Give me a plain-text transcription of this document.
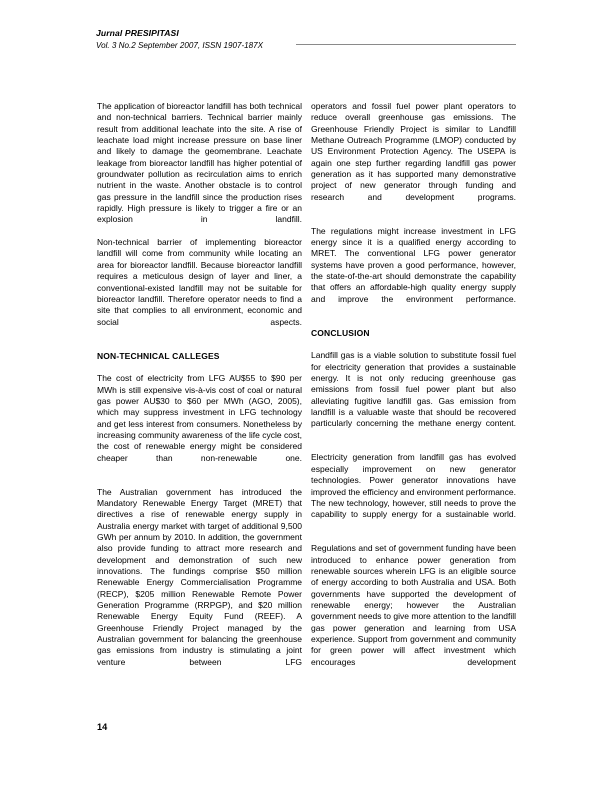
Jurnal PRESIPITASI
Vol. 3 No.2 September 2007, ISSN 1907-187X

The application of bioreactor landfill has both technical and non-technical barriers. Technical barrier mainly result from additional leachate into the site. A rise of leachate load might increase pressure on base liner and likely to damage the geomembrane. Leachate leakage from bioreactor landfill has higher potential of groundwater pollution as recirculation aims to enrich nutrient in the waste. Another obstacle is to control gas pressure in the landfill since the production rises rapidly. High pressure is likely to trigger a fire or an explosion in landfill.

Non-technical barrier of implementing bioreactor landfill will come from community while locating an area for bioreactor landfill. Because bioreactor landfill requires a meticulous design of layer and liner, a conventional-existed landfill may not be suitable for bioreactor landfill. Therefore operator needs to find a site that complies to all environment, economic and social aspects.

NON-TECHNICAL CALLEGES

The cost of electricity from LFG AU$55 to $90 per MWh is still expensive vis-à-vis cost of coal or natural gas power AU$30 to $60 per MWh (AGO, 2005), which may suppress investment in LFG technology and get less interest from consumers. Nonetheless by increasing community awareness of the life cycle cost, the cost of renewable energy might be considered cheaper than non-renewable one.

The Australian government has introduced the Mandatory Renewable Energy Target (MRET) that directives a rise of renewable energy supply in Australia energy market with target of additional 9,500 GWh per annum by 2010. In addition, the government also provide funding to attract more research and development and demonstration of such new innovations. The fundings comprise $50 million Renewable Energy Commercialisation Programme (RECP), $205 million Renewable Remote Power Generation Programme (RRPGP), and $20 million Renewable Energy Equity Fund (REEF). A Greenhouse Friendly Project managed by the Australian government for balancing the greenhouse gas emissions from industry is stimulating a joint venture between LFG

operators and fossil fuel power plant operators to reduce overall greenhouse gas emissions. The Greenhouse Friendly Project is similar to Landfill Methane Outreach Programme (LMOP) conducted by US Environment Protection Agency. The USEPA is again one step further regarding landfill gas power generation as it has supported many demonstrative project of new generator through funding and research and development programs.

The regulations might increase investment in LFG energy since it is a qualified energy according to MRET. The conventional LFG power generator systems have proven a good performance, however, the state-of-the-art should demonstrate the capability that offers an affordable-high quality energy supply and improve the environment performance.

CONCLUSION

Landfill gas is a viable solution to substitute fossil fuel for electricity generation that provides a sustainable energy. It is not only reducing greenhouse gas emissions from fossil fuel power plant but also alleviating fugitive landfill gas. Gas emission from landfill is a valuable waste that should be recovered particularly concerning the methane energy content.

Electricity generation from landfill gas has evolved especially improvement on new generator technologies. Power generator innovations have improved the efficiency and environment performance. The new technology, however, still needs to prove the capability to supply energy for a sustainable world.

Regulations and set of government funding have been introduced to enhance power generation from renewable sources wherein LFG is an eligible source of energy according to both Australia and USA. Both governments have supported the development of renewable energy; however the Australian government needs to give more attention to the landfill gas power generation and learning from USA experience. Support from government and community for green power will affect investment which encourages development

14
